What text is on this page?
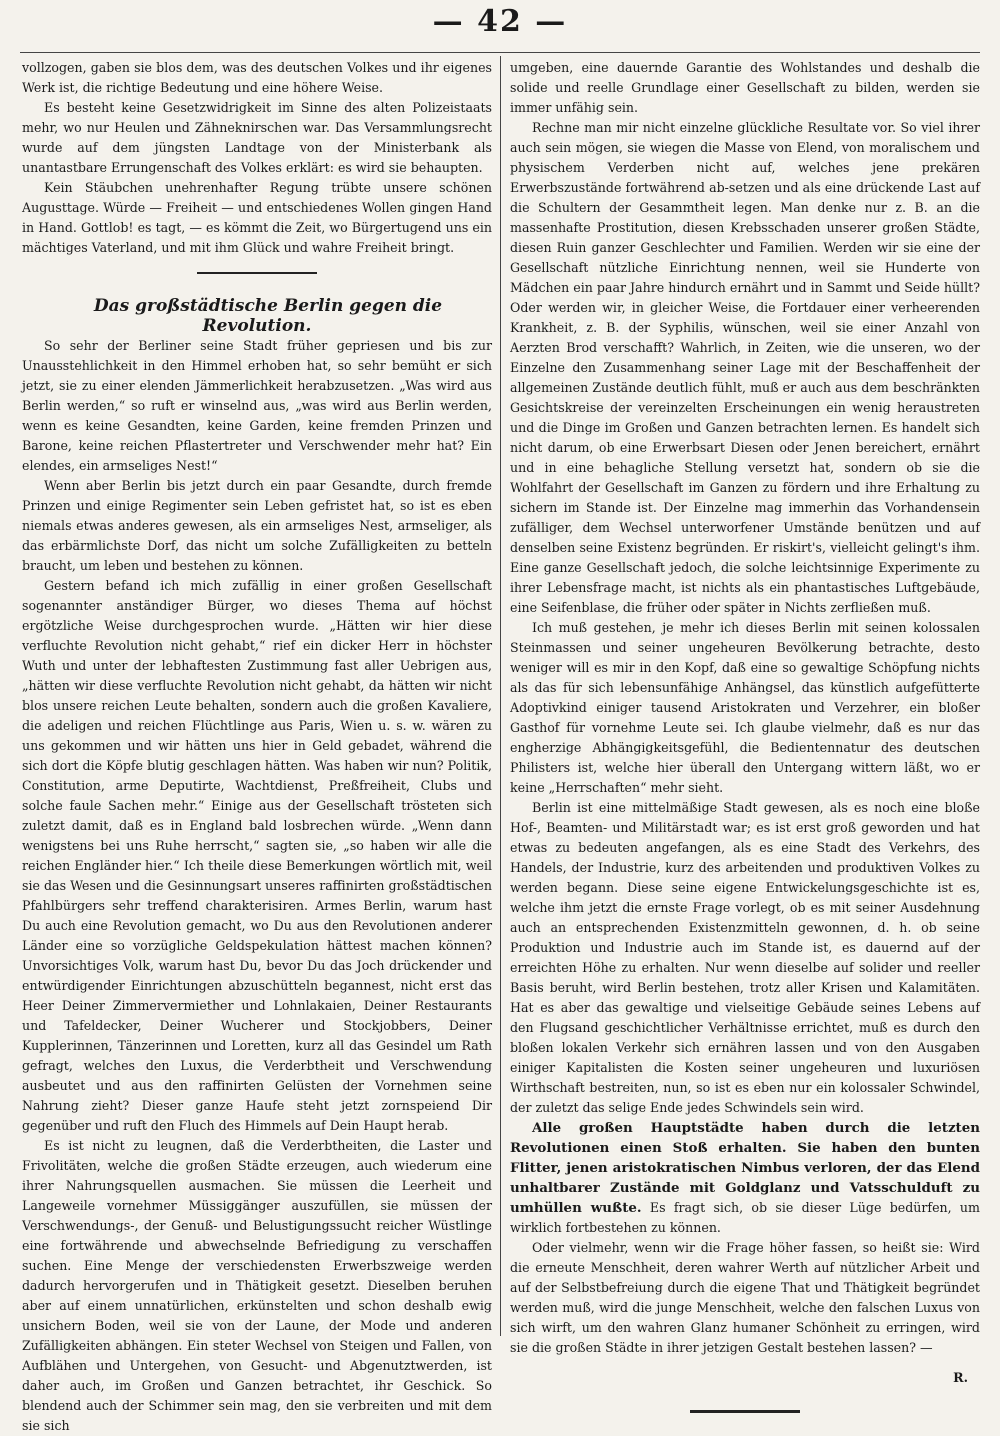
— 42 —

vollzogen, gaben sie blos dem, was des deutschen Volkes und ihr eigenes Werk ist, die richtige Bedeutung und eine höhere Weise.

Es besteht keine Gesetzwidrigkeit im Sinne des alten Polizeistaats mehr, wo nur Heulen und Zähneknirschen war. Das Versammlungsrecht wurde auf dem jüngsten Landtage von der Ministerbank als unantastbare Errungenschaft des Volkes erklärt: es wird sie behaupten.

Kein Stäubchen unehrenhafter Regung trübte unsere schönen Augusttage. Würde — Freiheit — und entschiedenes Wollen gingen Hand in Hand. Gottlob! es tagt, — es kömmt die Zeit, wo Bürgertugend uns ein mächtiges Vaterland, und mit ihm Glück und wahre Freiheit bringt.

Das großstädtische Berlin gegen die Revolution.

So sehr der Berliner seine Stadt früher gepriesen und bis zur Unausstehlichkeit in den Himmel erhoben hat, so sehr bemüht er sich jetzt, sie zu einer elenden Jämmerlichkeit herabzusetzen. „Was wird aus Berlin werden,“ so ruft er winselnd aus, „was wird aus Berlin werden, wenn es keine Gesandten, keine Garden, keine fremden Prinzen und Barone, keine reichen Pflastertreter und Verschwender mehr hat? Ein elendes, ein armseliges Nest!“

Wenn aber Berlin bis jetzt durch ein paar Gesandte, durch fremde Prinzen und einige Regimenter sein Leben gefristet hat, so ist es eben niemals etwas anderes gewesen, als ein armseliges Nest, armseliger, als das erbärmlichste Dorf, das nicht um solche Zufälligkeiten zu betteln braucht, um leben und bestehen zu können.

Gestern befand ich mich zufällig in einer großen Gesellschaft sogenannter anständiger Bürger, wo dieses Thema auf höchst ergötzliche Weise durchgesprochen wurde. „Hätten wir hier diese verfluchte Revolution nicht gehabt,“ rief ein dicker Herr in höchster Wuth und unter der lebhaftesten Zustimmung fast aller Uebrigen aus, „hätten wir diese verfluchte Revolution nicht gehabt, da hätten wir nicht blos unsere reichen Leute behalten, sondern auch die großen Kavaliere, die adeligen und reichen Flüchtlinge aus Paris, Wien u. s. w. wären zu uns gekommen und wir hätten uns hier in Geld gebadet, während die sich dort die Köpfe blutig geschlagen hätten. Was haben wir nun? Politik, Constitution, arme Deputirte, Wachtdienst, Preßfreiheit, Clubs und solche faule Sachen mehr.“ Einige aus der Gesellschaft trösteten sich zuletzt damit, daß es in England bald losbrechen würde. „Wenn dann wenigstens bei uns Ruhe herrscht,“ sagten sie, „so haben wir alle die reichen Engländer hier.“ Ich theile diese Bemerkungen wörtlich mit, weil sie das Wesen und die Gesinnungsart unseres raffinirten großstädtischen Pfahlbürgers sehr treffend charakterisiren. Armes Berlin, warum hast Du auch eine Revolution gemacht, wo Du aus den Revolutionen anderer Länder eine so vorzügliche Geldspekulation hättest machen können? Unvorsichtiges Volk, warum hast Du, bevor Du das Joch drückender und entwürdigender Einrichtungen abzuschütteln begannest, nicht erst das Heer Deiner Zimmervermiether und Lohnlakaien, Deiner Restaurants und Tafeldecker, Deiner Wucherer und Stockjobbers, Deiner Kupplerinnen, Tänzerinnen und Loretten, kurz all das Gesindel um Rath gefragt, welches den Luxus, die Verderbtheit und Verschwendung ausbeutet und aus den raffinirten Gelüsten der Vornehmen seine Nahrung zieht? Dieser ganze Haufe steht jetzt zornspeiend Dir gegenüber und ruft den Fluch des Himmels auf Dein Haupt herab.

Es ist nicht zu leugnen, daß die Verderbtheiten, die Laster und Frivolitäten, welche die großen Städte erzeugen, auch wiederum eine ihrer Nahrungsquellen ausmachen. Sie müssen die Leerheit und Langeweile vornehmer Müssiggänger auszufüllen, sie müssen der Verschwendungs-, der Genuß- und Belustigungssucht reicher Wüstlinge eine fortwährende und abwechselnde Befriedigung zu verschaffen suchen. Eine Menge der verschiedensten Erwerbszweige werden dadurch hervorgerufen und in Thätigkeit gesetzt. Dieselben beruhen aber auf einem unnatürlichen, erkünstelten und schon deshalb ewig unsichern Boden, weil sie von der Laune, der Mode und anderen Zufälligkeiten abhängen. Ein steter Wechsel von Steigen und Fallen, von Aufblähen und Untergehen, von Gesucht- und Abgenutztwerden, ist daher auch, im Großen und Ganzen betrachtet, ihr Geschick. So blendend auch der Schimmer sein mag, den sie verbreiten und mit dem sie sich

umgeben, eine dauernde Garantie des Wohlstandes und deshalb die solide und reelle Grundlage einer Gesellschaft zu bilden, werden sie immer unfähig sein.

Rechne man mir nicht einzelne glückliche Resultate vor. So viel ihrer auch sein mögen, sie wiegen die Masse von Elend, von moralischem und physischem Verderben nicht auf, welches jene prekären Erwerbszustände fortwährend ab-setzen und als eine drückende Last auf die Schultern der Gesammtheit legen. Man denke nur z. B. an die massenhafte Prostitution, diesen Krebsschaden unserer großen Städte, diesen Ruin ganzer Geschlechter und Familien. Werden wir sie eine der Gesellschaft nützliche Einrichtung nennen, weil sie Hunderte von Mädchen ein paar Jahre hindurch ernährt und in Sammt und Seide hüllt? Oder werden wir, in gleicher Weise, die Fortdauer einer verheerenden Krankheit, z. B. der Syphilis, wünschen, weil sie einer Anzahl von Aerzten Brod verschafft? Wahrlich, in Zeiten, wie die unseren, wo der Einzelne den Zusammenhang seiner Lage mit der Beschaffenheit der allgemeinen Zustände deutlich fühlt, muß er auch aus dem beschränkten Gesichtskreise der vereinzelten Erscheinungen ein wenig heraustreten und die Dinge im Großen und Ganzen betrachten lernen. Es handelt sich nicht darum, ob eine Erwerbsart Diesen oder Jenen bereichert, ernährt und in eine behagliche Stellung versetzt hat, sondern ob sie die Wohlfahrt der Gesellschaft im Ganzen zu fördern und ihre Erhaltung zu sichern im Stande ist. Der Einzelne mag immerhin das Vorhandensein zufälliger, dem Wechsel unterworfener Umstände benützen und auf denselben seine Existenz begründen. Er riskirt's, vielleicht gelingt's ihm. Eine ganze Gesellschaft jedoch, die solche leichtsinnige Experimente zu ihrer Lebensfrage macht, ist nichts als ein phantastisches Luftgebäude, eine Seifenblase, die früher oder später in Nichts zerfließen muß.

Ich muß gestehen, je mehr ich dieses Berlin mit seinen kolossalen Steinmassen und seiner ungeheuren Bevölkerung betrachte, desto weniger will es mir in den Kopf, daß eine so gewaltige Schöpfung nichts als das für sich lebensunfähige Anhängsel, das künstlich aufgefütterte Adoptivkind einiger tausend Aristokraten und Verzehrer, ein bloßer Gasthof für vornehme Leute sei. Ich glaube vielmehr, daß es nur das engherzige Abhängigkeitsgefühl, die Bedientennatur des deutschen Philisters ist, welche hier überall den Untergang wittern läßt, wo er keine „Herrschaften“ mehr sieht.

Berlin ist eine mittelmäßige Stadt gewesen, als es noch eine bloße Hof-, Beamten- und Militärstadt war; es ist erst groß geworden und hat etwas zu bedeuten angefangen, als es eine Stadt des Verkehrs, des Handels, der Industrie, kurz des arbeitenden und produktiven Volkes zu werden begann. Diese seine eigene Entwickelungsgeschichte ist es, welche ihm jetzt die ernste Frage vorlegt, ob es mit seiner Ausdehnung auch an entsprechenden Existenzmitteln gewonnen, d. h. ob seine Produktion und Industrie auch im Stande ist, es dauernd auf der erreichten Höhe zu erhalten. Nur wenn dieselbe auf solider und reeller Basis beruht, wird Berlin bestehen, trotz aller Krisen und Kalamitäten. Hat es aber das gewaltige und vielseitige Gebäude seines Lebens auf den Flugsand geschichtlicher Verhältnisse errichtet, muß es durch den bloßen lokalen Verkehr sich ernähren lassen und von den Ausgaben einiger Kapitalisten die Kosten seiner ungeheuren und luxuriösen Wirthschaft bestreiten, nun, so ist es eben nur ein kolossaler Schwindel, der zuletzt das selige Ende jedes Schwindels sein wird.

Alle großen Hauptstädte haben durch die letzten Revolutionen einen Stoß erhalten. Sie haben den bunten Flitter, jenen aristokratischen Nimbus verloren, der das Elend unhaltbarer Zustände mit Goldglanz und Vatsschulduft zu umhüllen wußte. Es fragt sich, ob sie dieser Lüge bedürfen, um wirklich fortbestehen zu können.

Oder vielmehr, wenn wir die Frage höher fassen, so heißt sie: Wird die erneute Menschheit, deren wahrer Werth auf nützlicher Arbeit und auf der Selbstbefreiung durch die eigene That und Thätigkeit begründet werden muß, wird die junge Menschheit, welche den falschen Luxus von sich wirft, um den wahren Glanz humaner Schönheit zu erringen, wird sie die großen Städte in ihrer jetzigen Gestalt bestehen lassen? —

R.
